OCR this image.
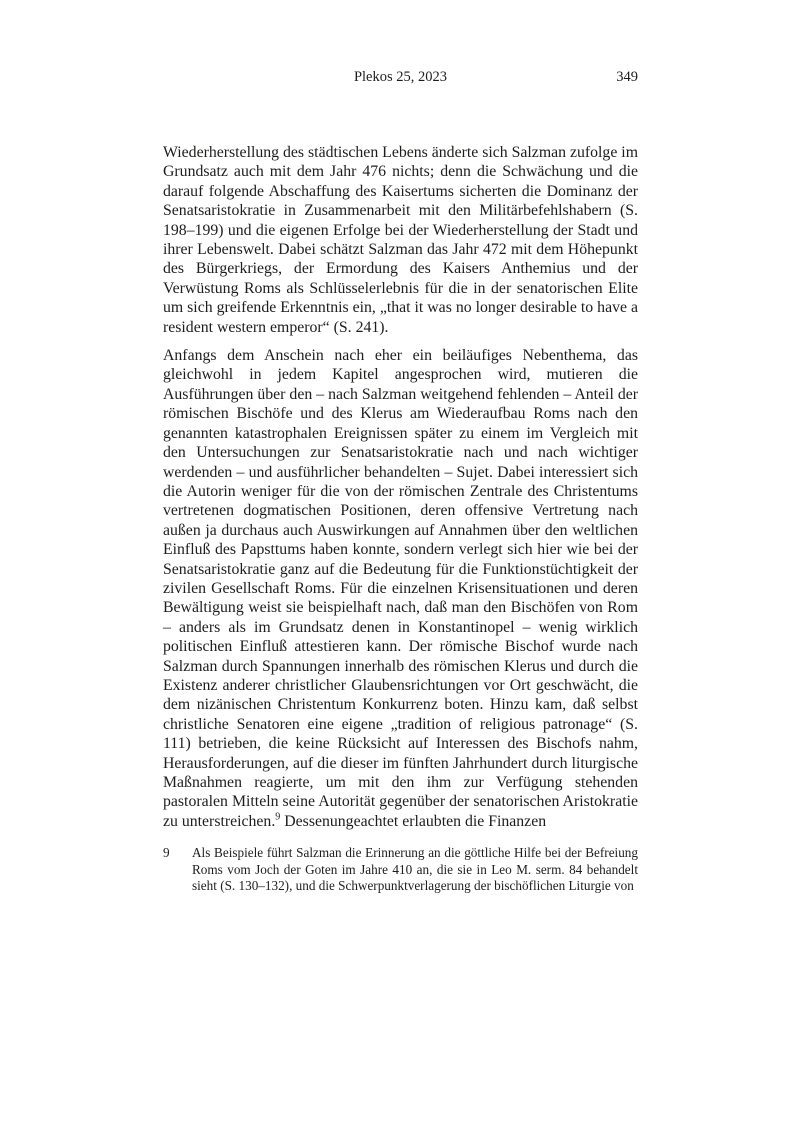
Plekos 25, 2023	349

Wiederherstellung des städtischen Lebens änderte sich Salzman zufolge im Grundsatz auch mit dem Jahr 476 nichts; denn die Schwächung und die darauf folgende Abschaffung des Kaisertums sicherten die Dominanz der Senatsaristokratie in Zusammenarbeit mit den Militärbefehlshabern (S. 198–199) und die eigenen Erfolge bei der Wiederherstellung der Stadt und ihrer Lebenswelt. Dabei schätzt Salzman das Jahr 472 mit dem Höhepunkt des Bürgerkriegs, der Ermordung des Kaisers Anthemius und der Verwüstung Roms als Schlüsselerlebnis für die in der senatorischen Elite um sich greifende Erkenntnis ein, „that it was no longer desirable to have a resident western emperor“ (S. 241).

Anfangs dem Anschein nach eher ein beiläufiges Nebenthema, das gleichwohl in jedem Kapitel angesprochen wird, mutieren die Ausführungen über den – nach Salzman weitgehend fehlenden – Anteil der römischen Bischöfe und des Klerus am Wiederaufbau Roms nach den genannten katastrophalen Ereignissen später zu einem im Vergleich mit den Untersuchungen zur Senatsaristokratie nach und nach wichtiger werdenden – und ausführlicher behandelten – Sujet. Dabei interessiert sich die Autorin weniger für die von der römischen Zentrale des Christentums vertretenen dogmatischen Positionen, deren offensive Vertretung nach außen ja durchaus auch Auswirkungen auf Annahmen über den weltlichen Einfluß des Papsttums haben konnte, sondern verlegt sich hier wie bei der Senatsaristokratie ganz auf die Bedeutung für die Funktionstüchtigkeit der zivilen Gesellschaft Roms. Für die einzelnen Krisensituationen und deren Bewältigung weist sie beispielhaft nach, daß man den Bischöfen von Rom – anders als im Grundsatz denen in Konstantinopel – wenig wirklich politischen Einfluß attestieren kann. Der römische Bischof wurde nach Salzman durch Spannungen innerhalb des römischen Klerus und durch die Existenz anderer christlicher Glaubensrichtungen vor Ort geschwächt, die dem nizänischen Christentum Konkurrenz boten. Hinzu kam, daß selbst christliche Senatoren eine eigene „tradition of religious patronage“ (S. 111) betrieben, die keine Rücksicht auf Interessen des Bischofs nahm, Herausforderungen, auf die dieser im fünften Jahrhundert durch liturgische Maßnahmen reagierte, um mit den ihm zur Verfügung stehenden pastoralen Mitteln seine Autorität gegenüber der senatorischen Aristokratie zu unterstreichen.$^9$ Dessenungeachtet erlaubten die Finanzen

9	Als Beispiele führt Salzman die Erinnerung an die göttliche Hilfe bei der Befreiung Roms vom Joch der Goten im Jahre 410 an, die sie in Leo M. serm. 84 behandelt sieht (S. 130–132), und die Schwerpunktverlagerung der bischöflichen Liturgie von
